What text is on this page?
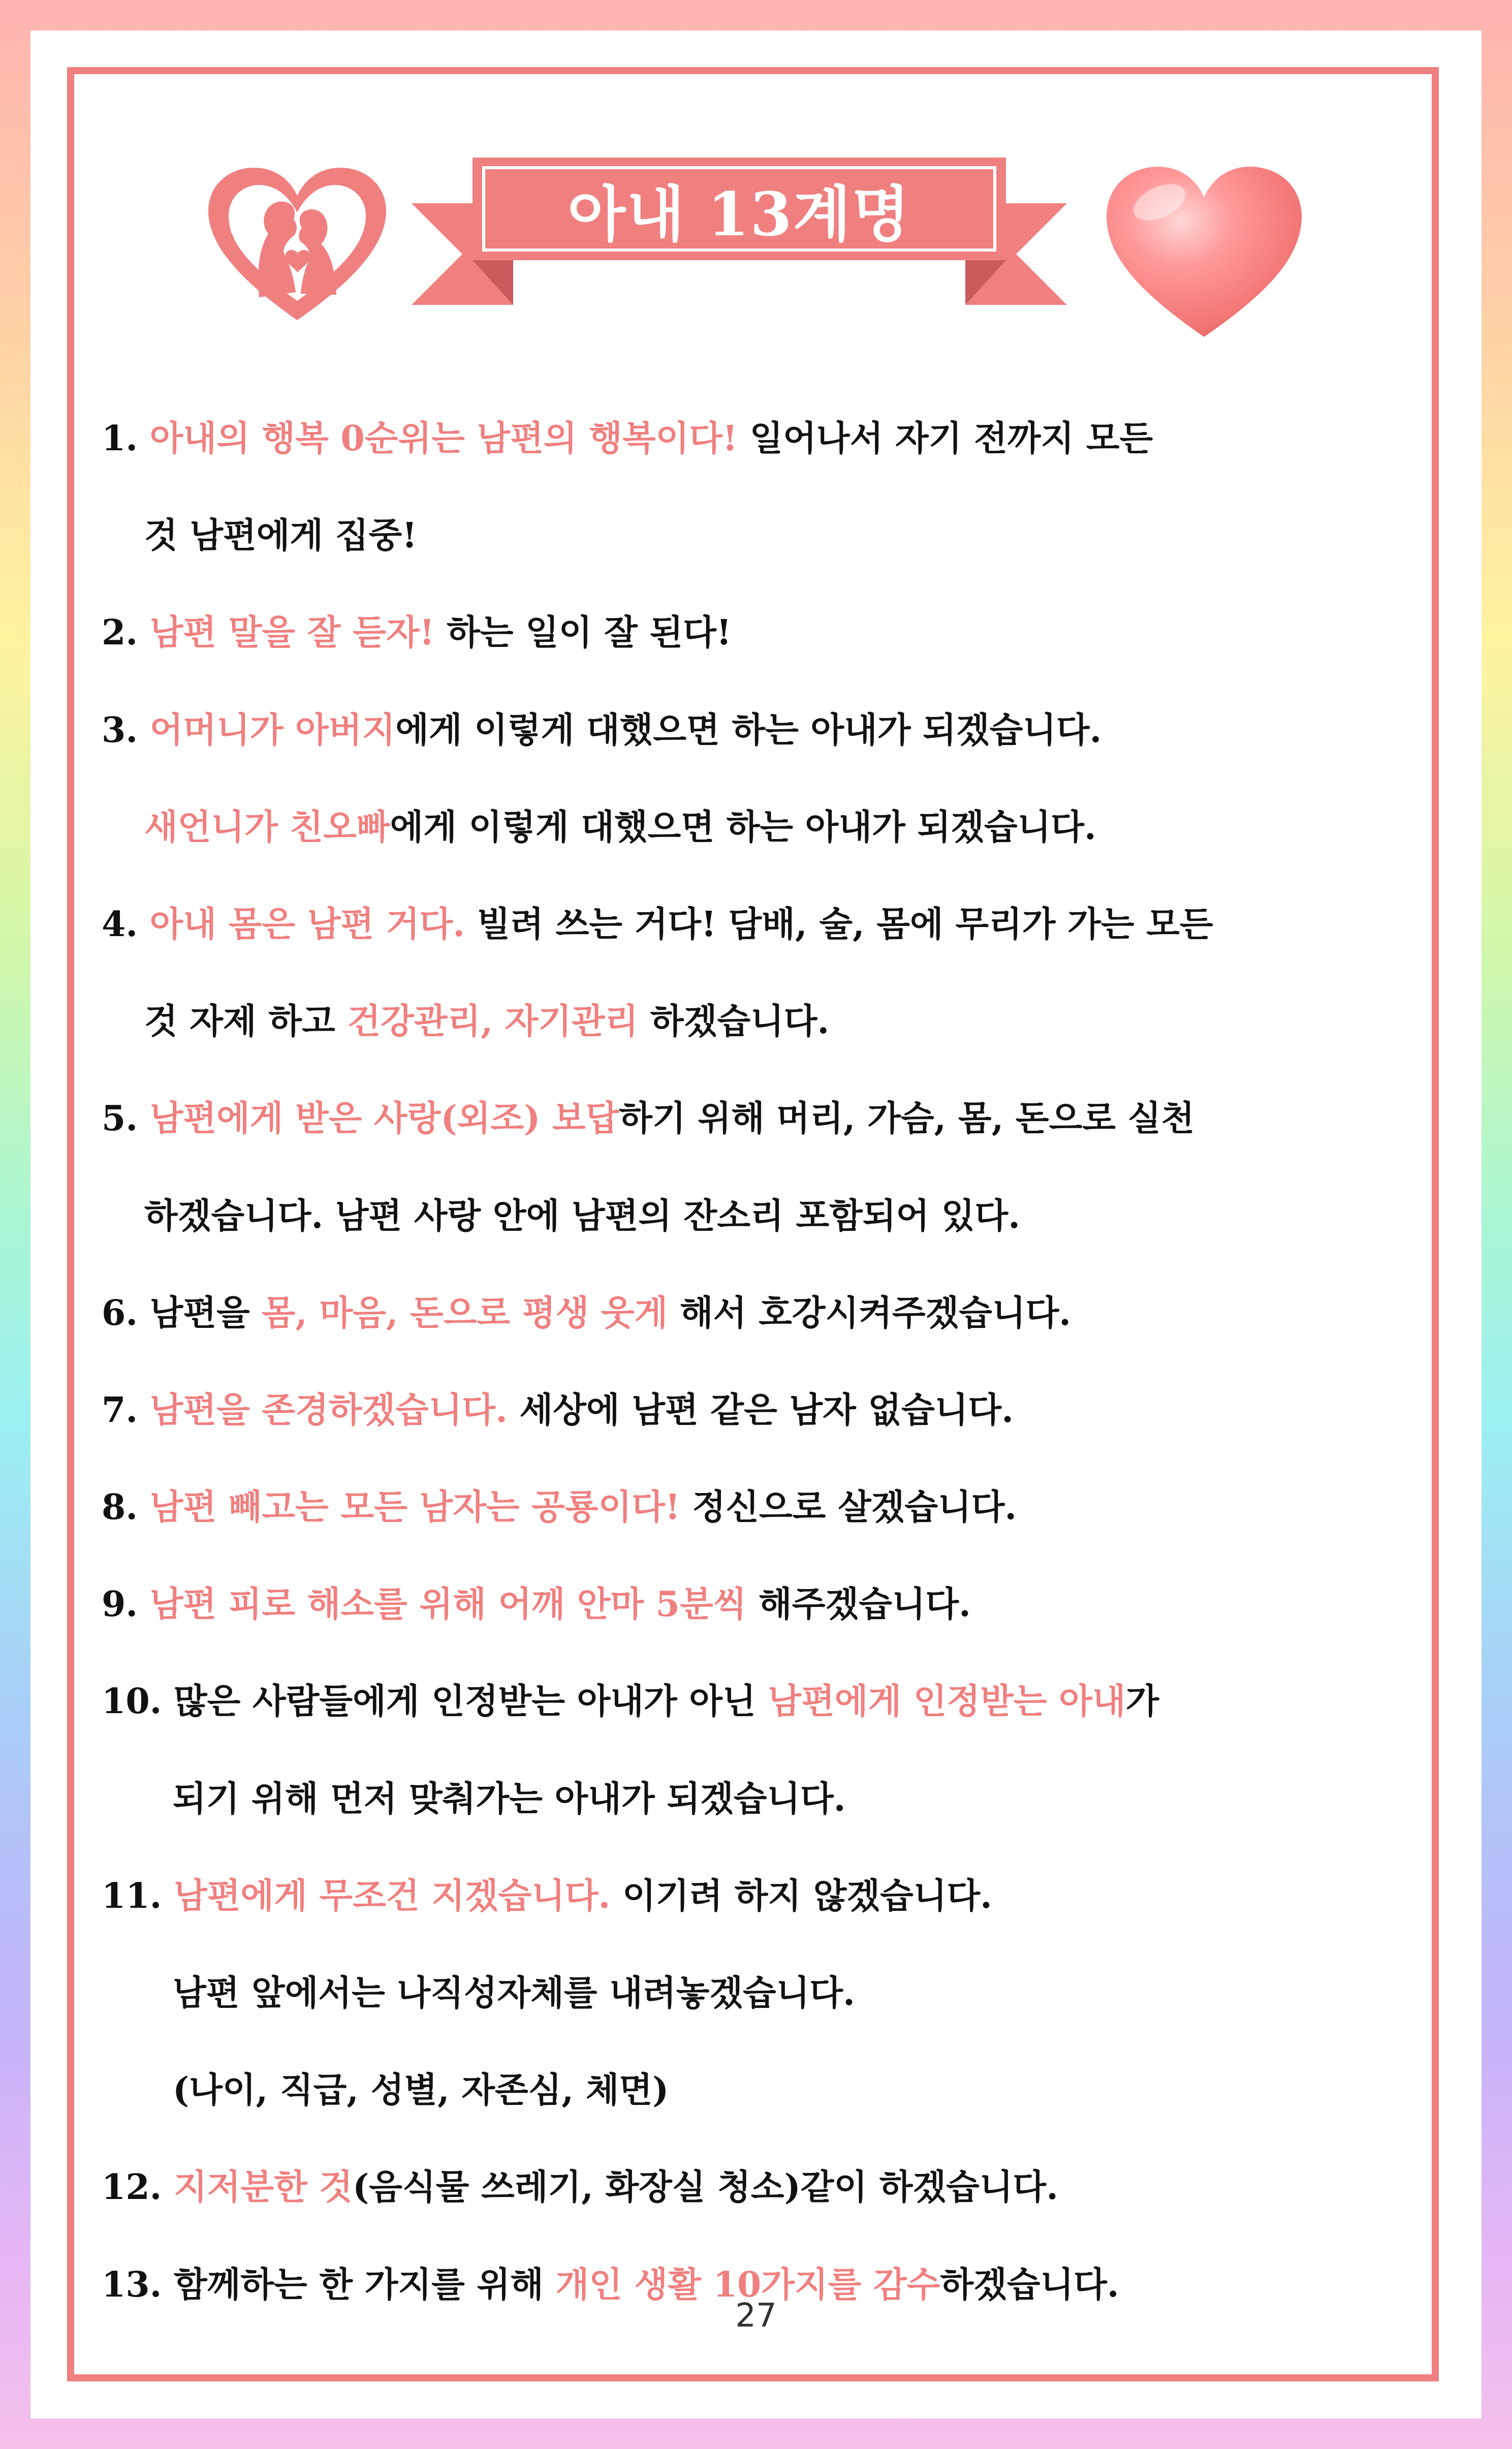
아내 13계명
1. 아내의 행복 0순위는 남편의 행복이다! 일어나서 자기 전까지 모든
것 남편에게 집중!
2. 남편 말을 잘 듣자! 하는 일이 잘 된다!
3. 어머니가 아버지에게 이렇게 대했으면 하는 아내가 되겠습니다.
새언니가 친오빠에게 이렇게 대했으면 하는 아내가 되겠습니다.
4. 아내 몸은 남편 거다. 빌려 쓰는 거다! 담배, 술, 몸에 무리가 가는 모든
것 자제 하고 건강관리, 자기관리 하겠습니다.
5. 남편에게 받은 사랑(외조) 보답하기 위해 머리, 가슴, 몸, 돈으로 실천
하겠습니다. 남편 사랑 안에 남편의 잔소리 포함되어 있다.
6. 남편을 몸, 마음, 돈으로 평생 웃게 해서 호강시켜주겠습니다.
7. 남편을 존경하겠습니다. 세상에 남편 같은 남자 없습니다.
8. 남편 빼고는 모든 남자는 공룡이다! 정신으로 살겠습니다.
9. 남편 피로 해소를 위해 어깨 안마 5분씩 해주겠습니다.
10. 많은 사람들에게 인정받는 아내가 아닌 남편에게 인정받는 아내가
되기 위해 먼저 맞춰가는 아내가 되겠습니다.
11. 남편에게 무조건 지겠습니다. 이기려 하지 않겠습니다.
남편 앞에서는 나직성자체를 내려놓겠습니다.
(나이, 직급, 성별, 자존심, 체면)
12. 지저분한 것(음식물 쓰레기, 화장실 청소)같이 하겠습니다.
13. 함께하는 한 가지를 위해 개인 생활 10가지를 감수하겠습니다.
27
